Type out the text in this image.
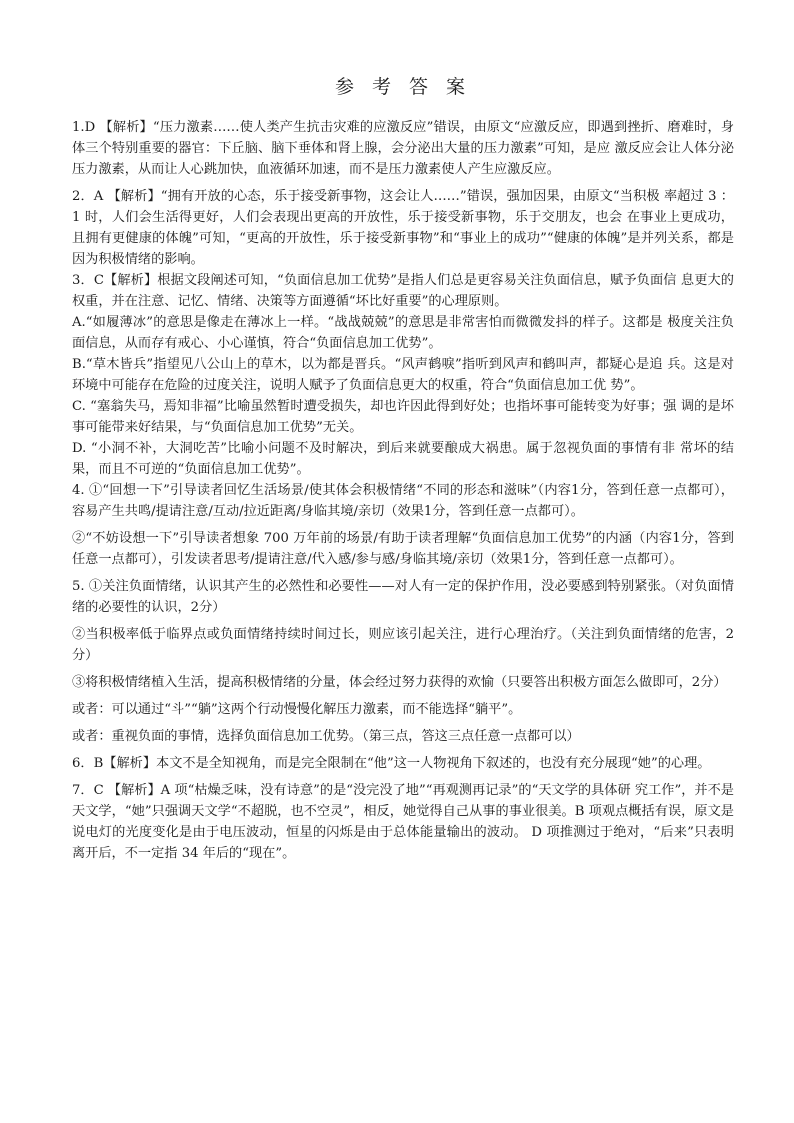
参 考 答 案

1.D 【解析】“压力激素……使人类产生抗击灾难的应激反应”错误，由原文“应激反应，即遇到挫折、磨难时，身体三个特别重要的器官：下丘脑、脑下垂体和肾上腺，会分泌出大量的压力激素”可知，是应 激反应会让人体分泌压力激素，从而让人心跳加快，血液循环加速，而不是压力激素使人产生应激反应。

2．A 【解析】“拥有开放的心态，乐于接受新事物，这会让人……”错误，强加因果，由原文“当积极 率超过 3 ： 1 时，人们会生活得更好，人们会表现出更高的开放性，乐于接受新事物，乐于交朋友，也会 在事业上更成功，且拥有更健康的体魄”可知，“更高的开放性，乐于接受新事物”和“事业上的成功”“健康的体魄”是并列关系，都是因为积极情绪的影响。

3．C【解析】根据文段阐述可知，“负面信息加工优势”是指人们总是更容易关注负面信息，赋予负面信 息更大的权重，并在注意、记忆、情绪、决策等方面遵循“坏比好重要”的心理原则。

A.“如履薄冰”的意思是像走在薄冰上一样。“战战兢兢”的意思是非常害怕而微微发抖的样子。这都是 极度关注负面信息，从而存有戒心、小心谨慎，符合“负面信息加工优势”。

B.“草木皆兵”指望见八公山上的草木，以为都是晋兵。“风声鹤唳”指听到风声和鹤叫声，都疑心是追 兵。这是对环境中可能存在危险的过度关注，说明人赋予了负面信息更大的权重，符合“负面信息加工优 势”。

C. “塞翁失马，焉知非福”比喻虽然暂时遭受损失，却也许因此得到好处；也指坏事可能转变为好事；强 调的是坏事可能带来好结果，与“负面信息加工优势”无关。

D. “小洞不补，大洞吃苦”比喻小问题不及时解决，到后来就要酿成大祸患。属于忽视负面的事情有非 常坏的结果，而且不可逆的“负面信息加工优势”。

4. ①“回想一下”引导读者回忆生活场景/使其体会积极情绪“不同的形态和滋味”（内容1分，答到任意一点都可），容易产生共鸣/提请注意/互动/拉近距离/身临其境/亲切（效果1分，答到任意一点都可）。

②“不妨设想一下”引导读者想象 700 万年前的场景/有助于读者理解“负面信息加工优势”的内涵（内容1分，答到任意一点都可），引发读者思考/提请注意/代入感/参与感/身临其境/亲切（效果1分，答到任意一点都可）。

5. ①关注负面情绪，认识其产生的必然性和必要性——对人有一定的保护作用，没必要感到特别紧张。（对负面情绪的必要性的认识，2分）

②当积极率低于临界点或负面情绪持续时间过长，则应该引起关注，进行心理治疗。（关注到负面情绪的危害，2分）

③将积极情绪植入生活，提高积极情绪的分量，体会经过努力获得的欢愉（只要答出积极方面怎么做即可，2分）

或者：可以通过“斗”“躺”这两个行动慢慢化解压力激素，而不能选择“躺平”。

或者：重视负面的事情，选择负面信息加工优势。（第三点，答这三点任意一点都可以）

6．B【解析】本文不是全知视角，而是完全限制在“他”这一人物视角下叙述的，也没有充分展现“她”的心理。

7．C 【解析】A 项“枯燥乏味，没有诗意”的是“没完没了地”“再观测再记录”的“天文学的具体研 究工作”，并不是天文学，“她”只强调天文学“不超脱，也不空灵”，相反，她觉得自己从事的事业很美。B 项观点概括有误，原文是说电灯的光度变化是由于电压波动，恒星的闪烁是由于总体能量输出的波动。 D 项推测过于绝对，“后来”只表明离开后，不一定指 34 年后的“现在”。
